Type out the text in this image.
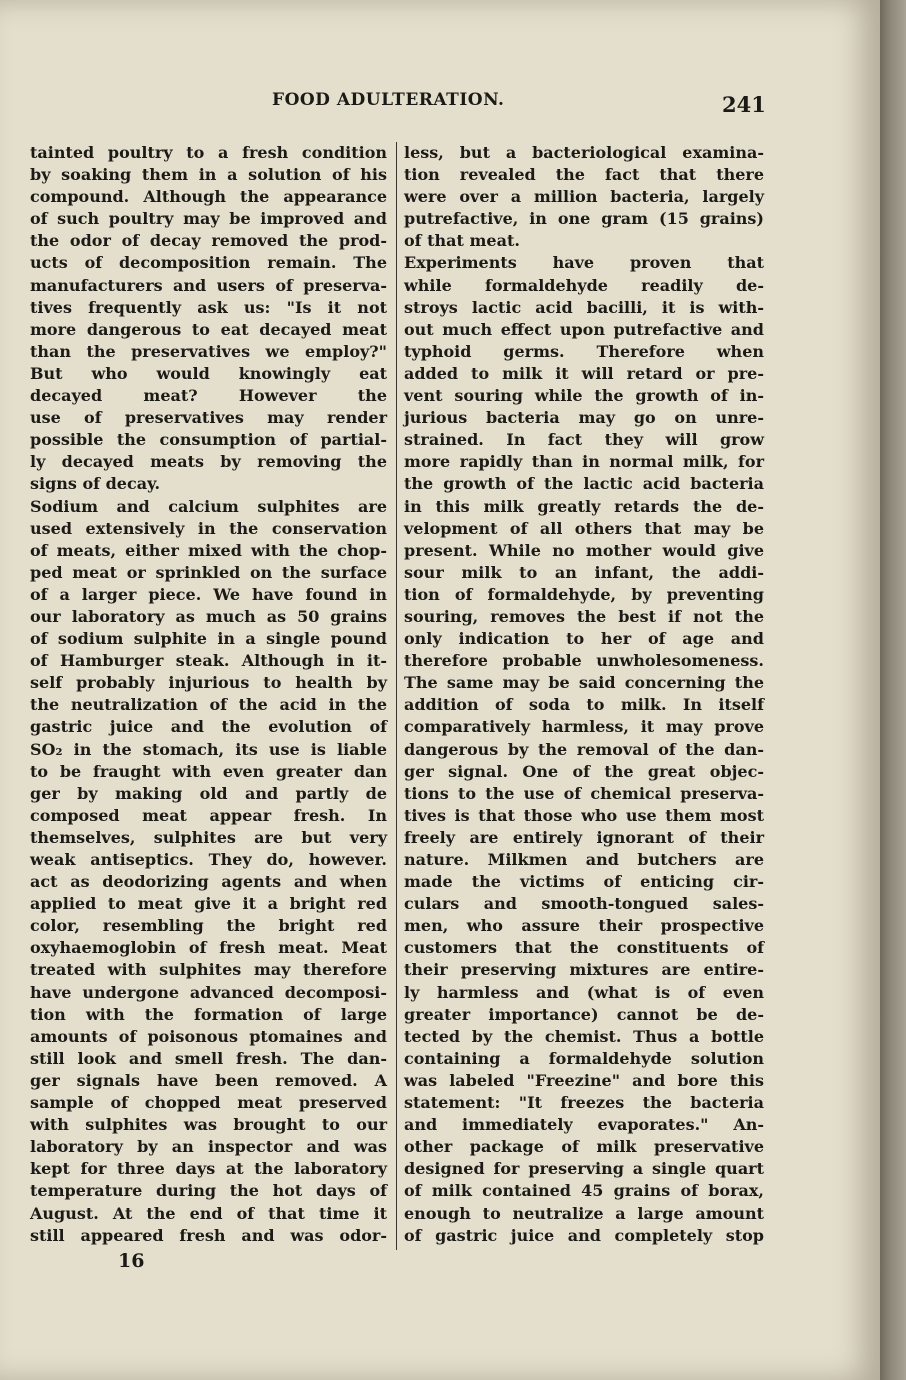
FOOD ADULTERATION.	241
tainted poultry to a fresh condition
by soaking them in a solution of his
compound. Although the appearance
of such poultry may be improved and
the odor of decay removed the prod-
ucts of decomposition remain. The
manufacturers and users of preserva-
tives frequently ask us: "Is it not
more dangerous to eat decayed meat
than the preservatives we employ?"
But who would knowingly eat
decayed meat? However the
use of preservatives may render
possible the consumption of partial-
ly decayed meats by removing the
signs of decay.
Sodium and calcium sulphites are
used extensively in the conservation
of meats, either mixed with the chop-
ped meat or sprinkled on the surface
of a larger piece. We have found in
our laboratory as much as 50 grains
of sodium sulphite in a single pound
of Hamburger steak. Although in it-
self probably injurious to health by
the neutralization of the acid in the
gastric juice and the evolution of
SO₂ in the stomach, its use is liable
to be fraught with even greater dan
ger by making old and partly de
composed meat appear fresh. In
themselves, sulphites are but very
weak antiseptics. They do, however.
act as deodorizing agents and when
applied to meat give it a bright red
color, resembling the bright red
oxyhaemoglobin of fresh meat. Meat
treated with sulphites may therefore
have undergone advanced decomposi-
tion with the formation of large
amounts of poisonous ptomaines and
still look and smell fresh. The dan-
ger signals have been removed. A
sample of chopped meat preserved
with sulphites was brought to our
laboratory by an inspector and was
kept for three days at the laboratory
temperature during the hot days of
August. At the end of that time it
still appeared fresh and was odor-
less, but a bacteriological examina-
tion revealed the fact that there
were over a million bacteria, largely
putrefactive, in one gram (15 grains)
of that meat.
Experiments have proven that
while formaldehyde readily de-
stroys lactic acid bacilli, it is with-
out much effect upon putrefactive and
typhoid germs. Therefore when
added to milk it will retard or pre-
vent souring while the growth of in-
jurious bacteria may go on unre-
strained. In fact they will grow
more rapidly than in normal milk, for
the growth of the lactic acid bacteria
in this milk greatly retards the de-
velopment of all others that may be
present. While no mother would give
sour milk to an infant, the addi-
tion of formaldehyde, by preventing
souring, removes the best if not the
only indication to her of age and
therefore probable unwholesomeness.
The same may be said concerning the
addition of soda to milk. In itself
comparatively harmless, it may prove
dangerous by the removal of the dan-
ger signal. One of the great objec-
tions to the use of chemical preserva-
tives is that those who use them most
freely are entirely ignorant of their
nature. Milkmen and butchers are
made the victims of enticing cir-
culars and smooth-tongued sales-
men, who assure their prospective
customers that the constituents of
their preserving mixtures are entire-
ly harmless and (what is of even
greater importance) cannot be de-
tected by the chemist. Thus a bottle
containing a formaldehyde solution
was labeled "Freezine" and bore this
statement: "It freezes the bacteria
and immediately evaporates." An-
other package of milk preservative
designed for preserving a single quart
of milk contained 45 grains of borax,
enough to neutralize a large amount
of gastric juice and completely stop
16
